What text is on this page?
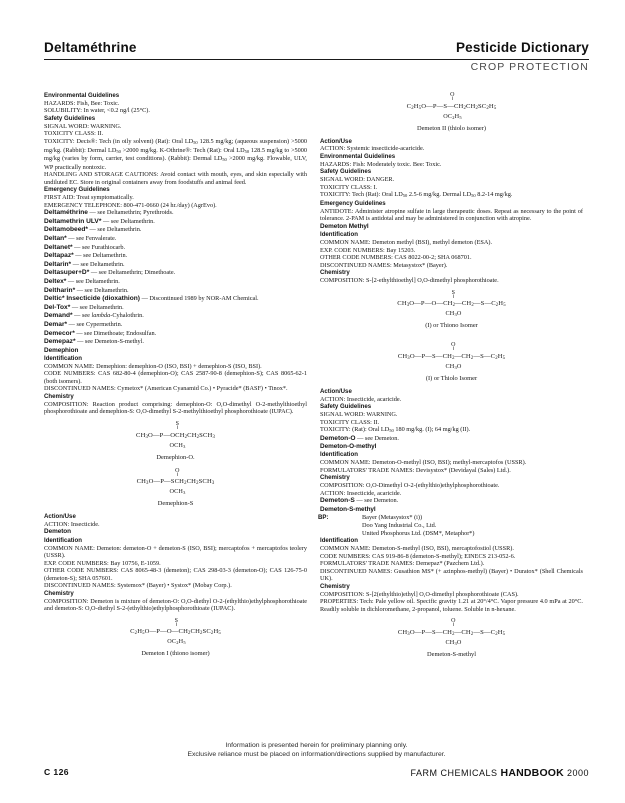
Deltaméthrine	Pesticide Dictionary
CROP PROTECTION
Environmental Guidelines

HAZARDS: Fish, Bee: Toxic.

SOLUBILITY: In water, <0.2 ng/l (25°C).

Safety Guidelines

SIGNAL WORD: WARNING.

TOXICITY CLASS: II.

TOXICITY: Decis®: Tech (in oily solvent) (Rat): Oral $LD_{50}$ 128.5 mg/kg; (aqueous suspension) >5000 mg/kg. (Rabbit): Dermal $LD_{50} >2000$ mg/kg. K-Othrine®: Tech (Rat): Oral $LD_{50}$ 128.5 mg/kg to >5000 mg/kg (varies by form, carrier, test conditions). (Rabbit): Dermal $LD_{50} >2000$ mg/kg. Flowable, ULV, WP practically nontoxic.

HANDLING AND STORAGE CAUTIONS: Avoid contact with mouth, eyes, and skin especially with undiluted EC. Store in original containers away from foodstuffs and animal feed.

Emergency Guidelines

FIRST AID: Treat symptomatically.

EMERGENCY TELEPHONE: 800-471-0660 (24 hr./day) (AgrEvo).

Deltaméthrine — see Deltamethrin; Pyrethroids.
Deltamethrin ULV* — see Deltamethrin.
Deltamobeed* — see Deltamethrin.
Deltan* — see Fenvalerate.
Deltanet* — see Furathiocarb.
Deltapaz* — see Deltamethrin.
Deltarin* — see Deltamethrin.
Deltasuper+D* — see Deltamethrin; Dimethoate.
Deltex* — see Deltamethrin.
Deltharin* — see Deltamethrin.
Deltic* Insecticide (dioxathion) — Discontinued 1989 by NOR-AM Chemical.
Del-Tox* — see Deltamethrin.
Demand* — see lambda-Cyhalothrin.
Demar* — see Cypermethrin.
Demecor* — see Dimethoate; Endosulfan.
Demepaz* — see Demeton-S-methyl.
Demephion
Identification

COMMON NAME: Demephion: demephion-O (ISO, BSI) + demephion-S (ISO, BSI).

CODE NUMBERS: CAS 682-80-4 (demephion-O); CAS 2587-90-8 (demephion-S); CAS 8065-62-1 (both isomers).

DISCONTINUED NAMES: Cymetox* (American Cyanamid Co.) • Pyracide* (BASF) • Tinox*.

Chemistry

COMPOSITION: Reaction product comprising: demephion-O: O,O-dimethyl O-2-methylthioethyl phosphorothioate and demephion-S: O,O-dimethyl S-2-methylthioethyl phosphorothioate (IUPAC).

S
‖
$CH_3O—P—OCH_2CH_2SCH_3$
$OCH_3$
Demephion-O.
O
‖
$CH_3O—P—SCH_2CH_2SCH_3$
$OCH_3$
Demephion-S
Action/Use

ACTION: Insecticide.

Demeton
Identification

COMMON NAME: Demeton: demeton-O + demeton-S (ISO, BSI); mercaptofos + mercaptofos teolery (USSR).

EXP. CODE NUMBERS: Bay 10756, E-1059.

OTHER CODE NUMBERS: CAS 8065-48-3 (demeton); CAS 298-03-3 (demeton-O); CAS 126-75-0 (demeton-S); SHA 057601.

DISCONTINUED NAMES: Systemox* (Bayer) • Systox* (Mobay Corp.).

Chemistry

COMPOSITION: Demeton is mixture of demeton-O: O,O-diethyl O-2-(ethylthio)ethylphosphorothioate and demeton-S: O,O-diethyl S-2-(ethylthio)ethylphosphorothioate (IUPAC).

S
‖
$C_2H_5O—P—O—CH_2CH_2SC_2H_5$
$OC_2H_5$
Demeton I (thiono isomer)
O
‖
$C_2H_5O—P—S—CH_2CH_2SC_2H_5$
$OC_2H_5$
Demeton II (thiolo isomer)
Action/Use

ACTION: Systemic insecticide-acaricide.

Environmental Guidelines

HAZARDS: Fish: Moderately toxic. Bee: Toxic.

Safety Guidelines

SIGNAL WORD: DANGER.

TOXICITY CLASS: I.

TOXICITY: Tech (Rat): Oral $LD_{50}$ 2.5-6 mg/kg. Dermal $LD_{50}$ 8.2-14 mg/kg.

Emergency Guidelines

ANTIDOTE: Administer atropine sulfate in large therapeutic doses. Repeat as necessary to the point of tolerance. 2-PAM is antidotal and may be administered in conjunction with atropine.

Demeton Methyl
Identification

COMMON NAME: Demeton methyl (BSI), methyl demeton (ESA).

EXP. CODE NUMBERS: Bay 15203.

OTHER CODE NUMBERS: CAS 8022-00-2; SHA 068701.

DISCONTINUED NAMES: Metasystox* (Bayer).

Chemistry

COMPOSITION: S-[2-ethylthioethyl] O,O-dimethyl phosphorothioate.

S
‖
$CH_3O—P—O—CH_2—CH_2—S—C_2H_5$
$CH_3O$
(I) or Thiono Isomer
O
‖
$CH_3O—P—S—CH_2—CH_2—S—C_2H_5$
$CH_3O$
(I) or Thiolo Isomer
Action/Use

ACTION: Insecticide, acaricide.

Safety Guidelines

SIGNAL WORD: WARNING.

TOXICITY CLASS: II.

TOXICITY: (Rat): Oral $LD_{50}$ 180 mg/kg. (I); 64 mg/kg (II).

Demeton-O — see Demeton.
Demeton-O-methyl
Identification

COMMON NAME: Demeton-O-methyl (ISO, BSI); methyl-mercaptofos (USSR).

FORMULATORS' TRADE NAMES: Devisystox* (Devidayal (Sales) Ltd.).

Chemistry

COMPOSITION: O,O-Dimethyl O-2-(ethylthio)ethylphosphorothioate.

ACTION: Insecticide, acaricide.

Demeton-S — see Demeton.
Demeton-S-methyl
BP:	Bayer (Metasystox* (i))
Doo Yang Industrial Co., Ltd.
United Phosphorus Ltd. (DSM*, Metaphor*)
Identification

COMMON NAME: Demeton-S-methyl (ISO, BSI), mercaptofostiol (USSR).

CODE NUMBERS: CAS 919-86-8 (demeton-S-methyl); EINECS 213-052-6.

FORMULATORS' TRADE NAMES: Demepaz* (Pazchem Ltd.).

DISCONTINUED NAMES: Gusathion MS* (+ azinphos-methyl) (Bayer) • Duratox* (Shell Chemicals UK).

Chemistry

COMPOSITION: S-[2(ethylthio)ethyl] O,O-dimethyl phosphorothioate (CAS).

PROPERTIES: Tech: Pale yellow oil. Specific gravity 1.21 at 20°/4°C. Vapor pressure 4.0 mPa at 20°C. Readily soluble in dichloromethane, 2-propanol, toluene. Soluble in n-hexane.

O
‖
$CH_3O—P—S—CH_2—CH_2—S—C_2H_5$
$CH_3O$
Demeton-S-methyl
Information is presented herein for preliminary planning only.
Exclusive reliance must be placed on information/directions supplied by manufacturer.
C 126	FARM CHEMICALS HANDBOOK 2000
